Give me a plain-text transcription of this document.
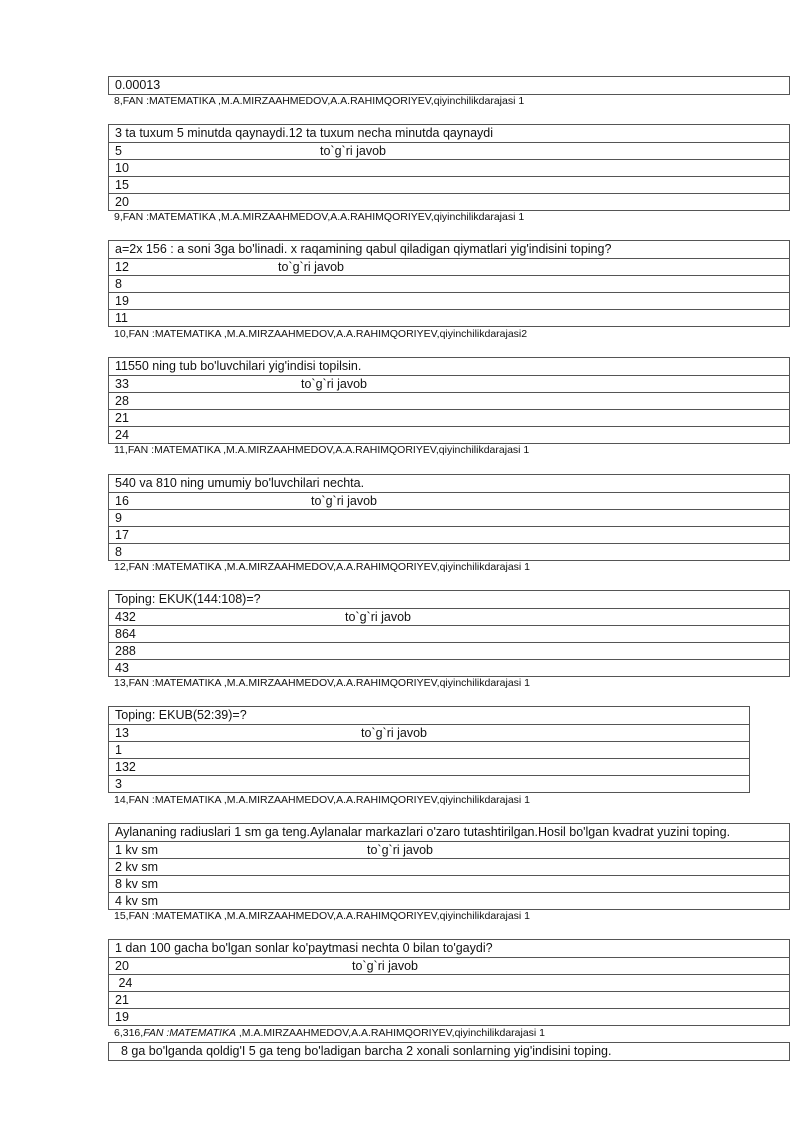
0.00013
8,FAN :MATEMATIKA ,M.A.MIRZAAHMEDOV,A.A.RAHIMQORIYEV,qiyinchilikdarajasi 1
3 ta tuxum 5 minutda qaynaydi.12 ta tuxum necha minutda qaynaydi
5	to`g`ri javob
10
15
20
9,FAN :MATEMATIKA ,M.A.MIRZAAHMEDOV,A.A.RAHIMQORIYEV,qiyinchilikdarajasi 1
a=2x 156 : a soni 3ga bo'linadi. x raqamining qabul qiladigan qiymatlari yig'indisini toping?
12	to`g`ri javob
8
19
11
10,FAN :MATEMATIKA ,M.A.MIRZAAHMEDOV,A.A.RAHIMQORIYEV,qiyinchilikdarajasi2
11550 ning tub bo'luvchilari yig'indisi topilsin.
33	to`g`ri javob
28
21
24
11,FAN :MATEMATIKA ,M.A.MIRZAAHMEDOV,A.A.RAHIMQORIYEV,qiyinchilikdarajasi 1
540 va 810 ning umumiy bo'luvchilari nechta.
16	to`g`ri javob
9
17
8
12,FAN :MATEMATIKA ,M.A.MIRZAAHMEDOV,A.A.RAHIMQORIYEV,qiyinchilikdarajasi 1
Toping: EKUK(144:108)=?
432	to`g`ri javob
864
288
43
13,FAN :MATEMATIKA ,M.A.MIRZAAHMEDOV,A.A.RAHIMQORIYEV,qiyinchilikdarajasi 1
Toping: EKUB(52:39)=?
13	to`g`ri javob
1
132
3
14,FAN :MATEMATIKA ,M.A.MIRZAAHMEDOV,A.A.RAHIMQORIYEV,qiyinchilikdarajasi 1
Aylananing radiuslari 1 sm ga teng.Aylanalar markazlari o'zaro tutashtirilgan.Hosil bo'lgan kvadrat yuzini toping.
1 kv sm	to`g`ri javob
2 kv sm
8 kv sm
4 kv sm
15,FAN :MATEMATIKA ,M.A.MIRZAAHMEDOV,A.A.RAHIMQORIYEV,qiyinchilikdarajasi 1
1 dan 100 gacha bo'lgan sonlar ko'paytmasi nechta 0 bilan to'gaydi?
20	to`g`ri javob
24
21
19
6,316,FAN :MATEMATIKA ,M.A.MIRZAAHMEDOV,A.A.RAHIMQORIYEV,qiyinchilikdarajasi 1
8 ga bo'lganda qoldig'I 5 ga teng bo'ladigan barcha 2 xonali sonlarning yig'indisini toping.
